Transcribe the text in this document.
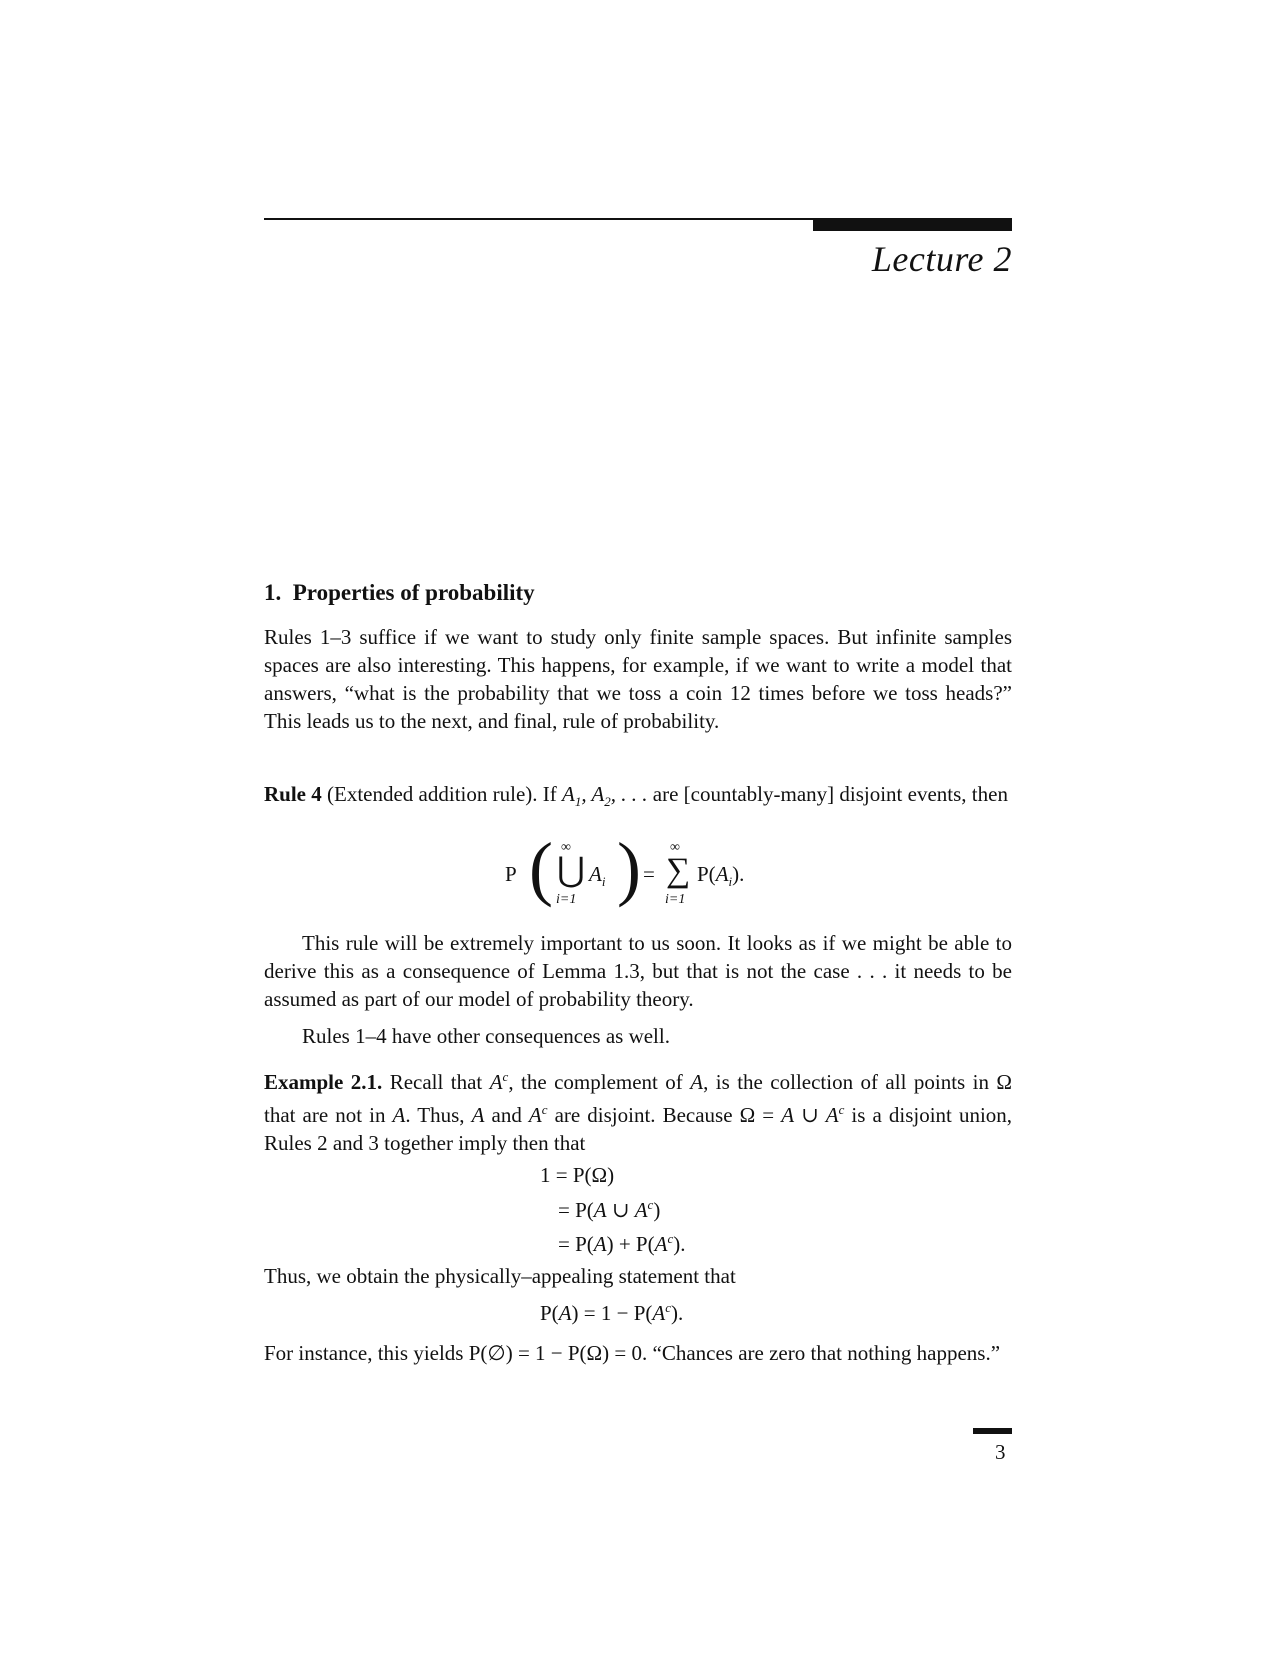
Lecture 2
1. Properties of probability
Rules 1–3 suffice if we want to study only finite sample spaces. But infinite samples spaces are also interesting. This happens, for example, if we want to write a model that answers, “what is the probability that we toss a coin 12 times before we toss heads?” This leads us to the next, and final, rule of probability.
Rule 4 (Extended addition rule). If $A_1$, $A_2$, . . . are [countably-many] disjoint events, then
P ( ∞
⋃
i=1
$A_i$ ) =
∞
∑
i=1
$P(A_i)$.
This rule will be extremely important to us soon. It looks as if we might be able to derive this as a consequence of Lemma 1.3, but that is not the case . . . it needs to be assumed as part of our model of probability theory.
Rules 1–4 have other consequences as well.
Example 2.1. Recall that $A^c$, the complement of A, is the collection of all points in Ω that are not in A. Thus, A and $A^c$ are disjoint. Because Ω = A ∪ $A^c$ is a disjoint union, Rules 2 and 3 together imply then that
1 = P(Ω)
= P(A ∪ $A^c$)
= $P(A) + P(A^c)$.
Thus, we obtain the physically–appealing statement that
$P(A) = 1 - P(A^c)$.
For instance, this yields P(∅) = 1 − P(Ω) = 0. “Chances are zero that nothing happens.”
3
